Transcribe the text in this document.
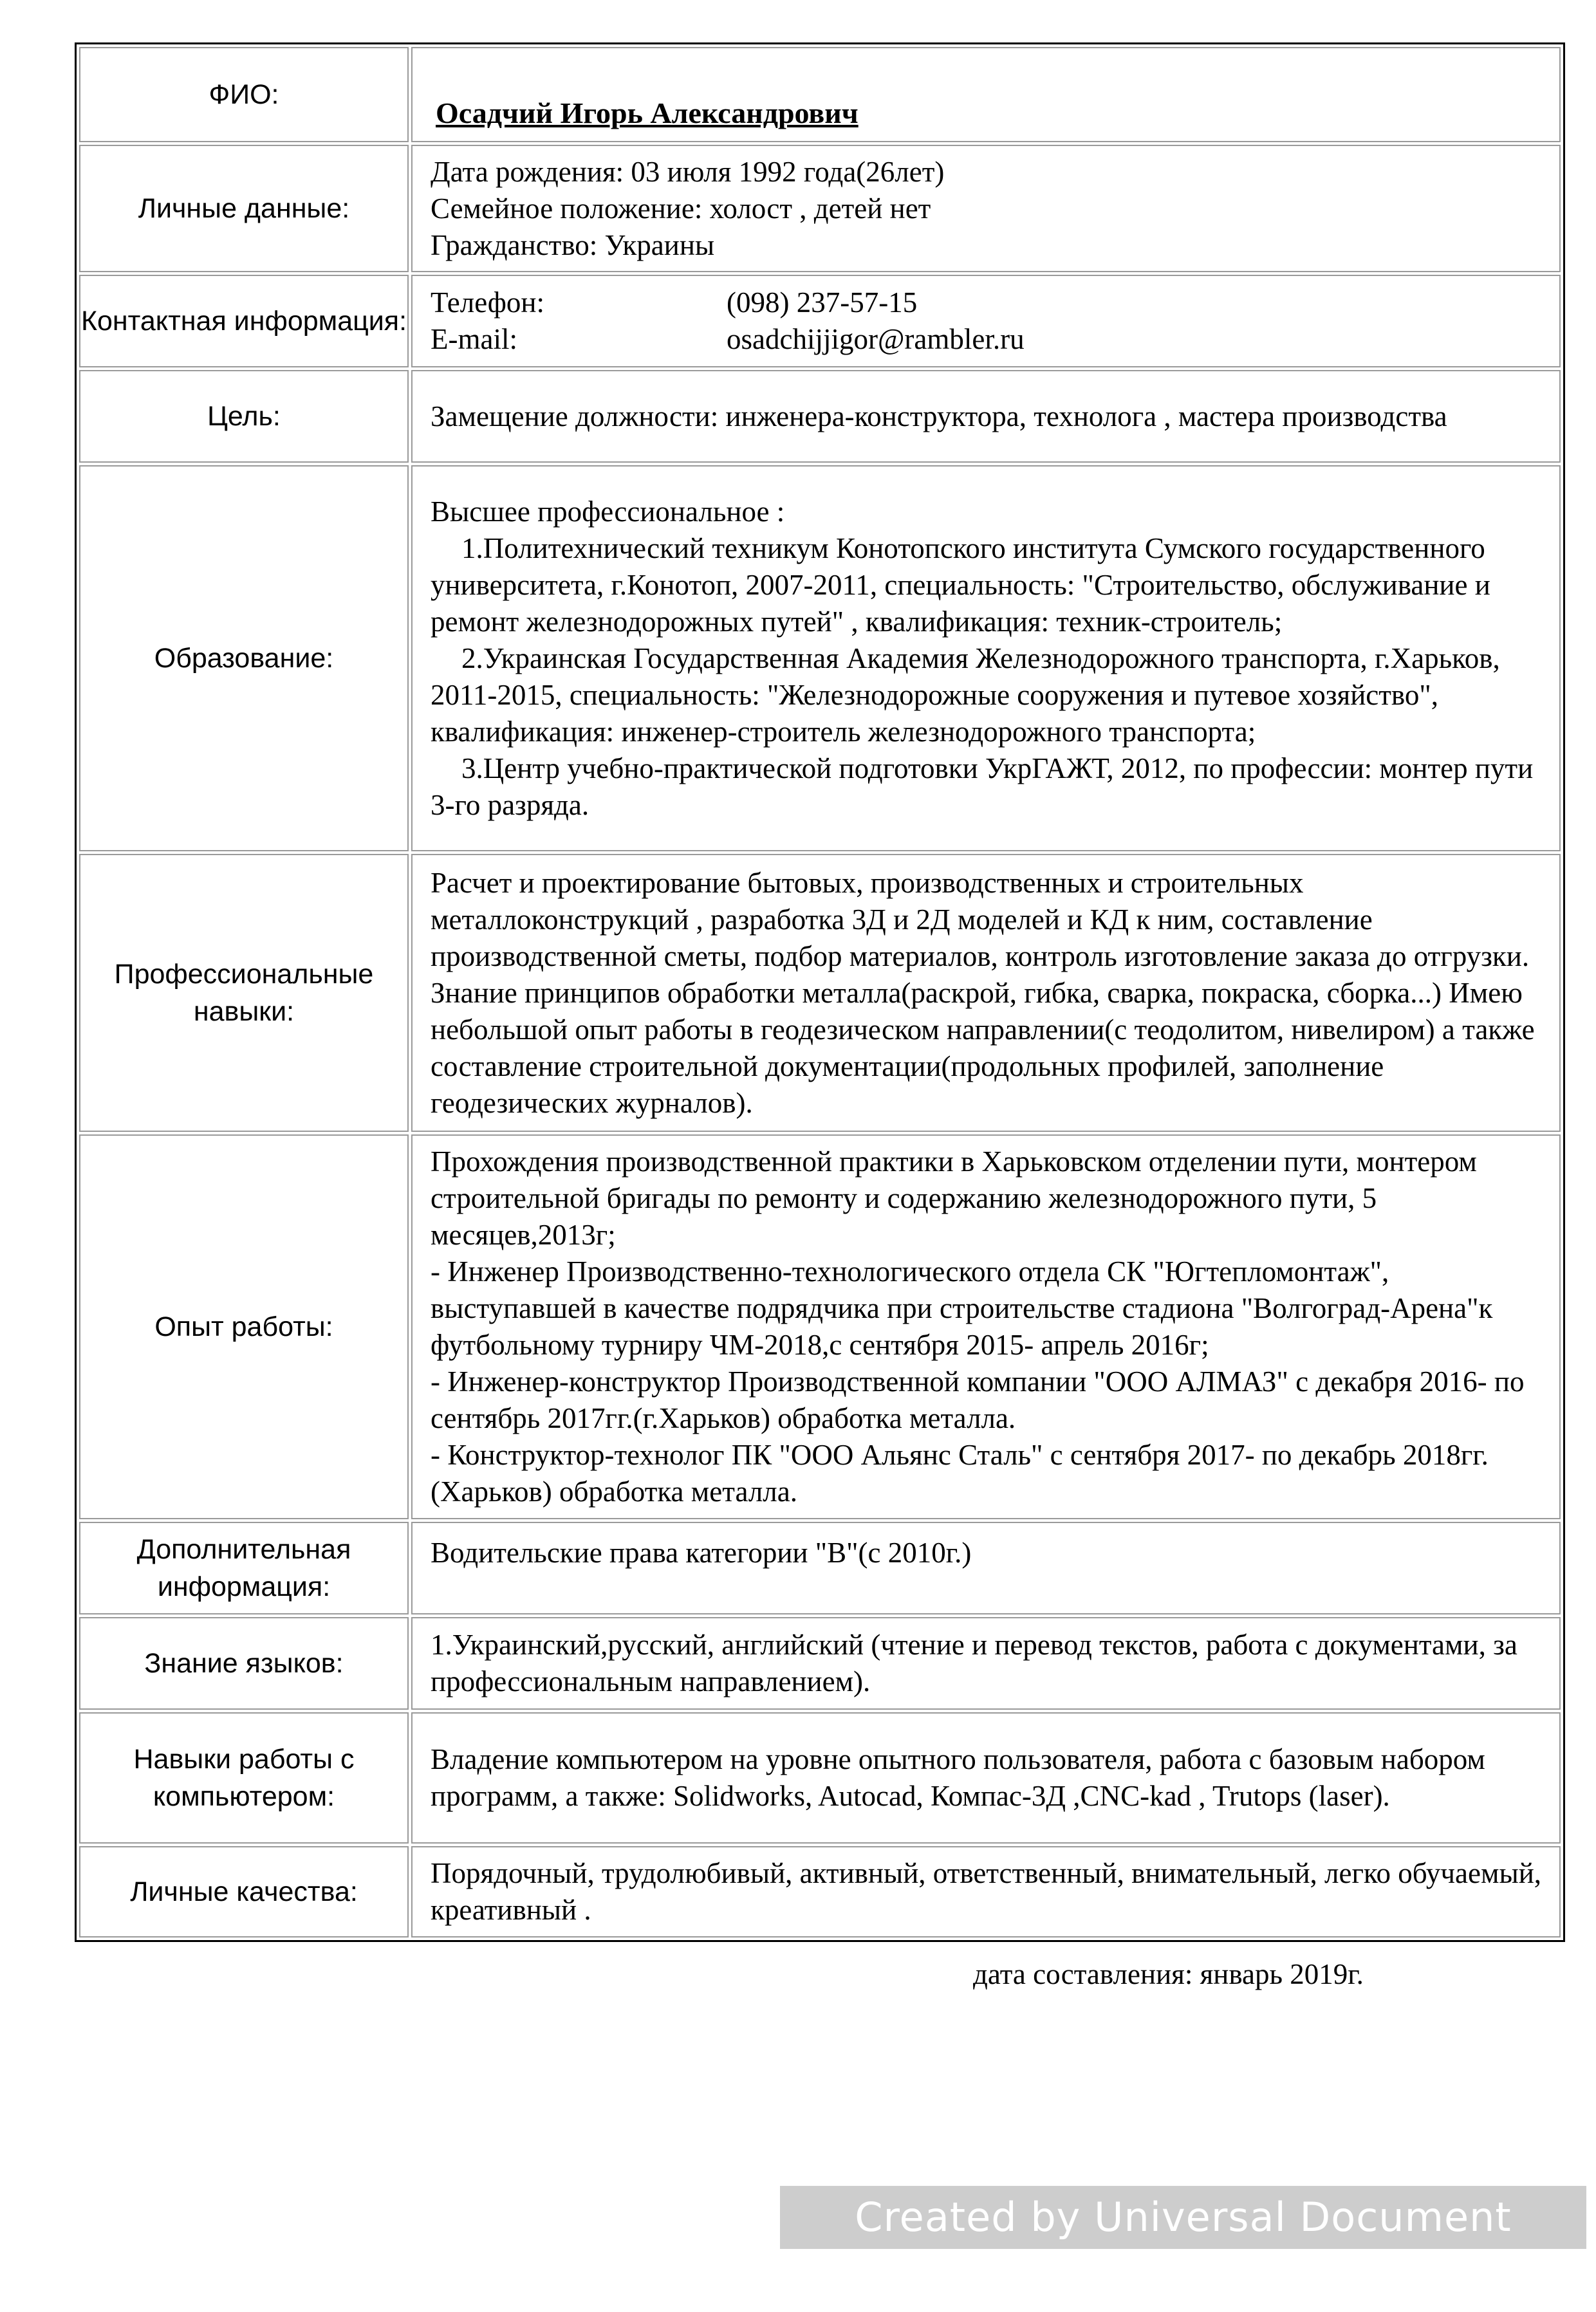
ФИО:	Осадчий Игорь Александрович
Личные данные:	Дата рождения: 03 июля 1992 года(26лет)
Семейное положение: холост , детей нет
Гражданство: Украины

Контактная информация:	Телефон: (098) 237-57-15
E-mail: osadchijjigor@rambler.ru

Цель:	Замещение должности: инженера-конструктора, технолога , мастера производства
Образование:	Высшее профессиональное :
1.Политехнический техникум Конотопского института Сумского государственного университета, г.Конотоп, 2007-2011, специальность: "Строительство, обслуживание и ремонт железнодорожных путей" , квалификация: техник-строитель;
2.Украинская Государственная Академия Железнодорожного транспорта, г.Харьков, 2011-2015, специальность: "Железнодорожные сооружения и путевое хозяйство", квалификация: инженер-строитель железнодорожного транспорта;
3.Центр учебно-практической подготовки УкрГАЖТ, 2012, по профессии: монтер пути 3-го разряда.

Профессиональные навыки:	Расчет и проектирование бытовых, производственных и строительных металлоконструкций , разработка 3Д и 2Д моделей и КД к ним, составление производственной сметы, подбор материалов, контроль изготовление заказа до отгрузки. Знание принципов обработки металла(раскрой, гибка, сварка, покраска, сборка...) Имею небольшой опыт работы в геодезическом направлении(с теодолитом, нивелиром) а также составление строительной документации(продольных профилей, заполнение геодезических журналов).
Опыт работы:	Прохождения производственной практики в Харьковском отделении пути, монтером строительной бригады по ремонту и содержанию железнодорожного пути, 5 месяцев,2013г;
- Инженер Производственно-технологического отдела СК "Югтепломонтаж", выступавшей в качестве подрядчика при строительстве стадиона "Волгоград-Арена"к футбольному турниру ЧМ-2018,с сентября 2015- апрель 2016г;
- Инженер-конструктор Производственной компании "ООО АЛМАЗ" с декабря 2016- по сентябрь 2017гг.(г.Харьков) обработка металла.
- Конструктор-технолог ПК "ООО Альянс Сталь" с сентября 2017- по декабрь 2018гг.(Харьков) обработка металла.

Дополнительная информация:	Водительские права категории "B"(с 2010г.)
Знание языков:	1.Украинский,русский, английский (чтение и перевод текстов, работа с документами, за профессиональным направлением).
Навыки работы с компьютером:	Владение компьютером на уровне опытного пользователя, работа с базовым набором программ, а также: Solidworks, Autocad, Компас-3Д ,CNC-kad , Trutops (laser).
Личные качества:	Порядочный, трудолюбивый, активный, ответственный, внимательный, легко обучаемый, креативный .
дата составления: январь 2019г.
Created by Universal Document Converter
